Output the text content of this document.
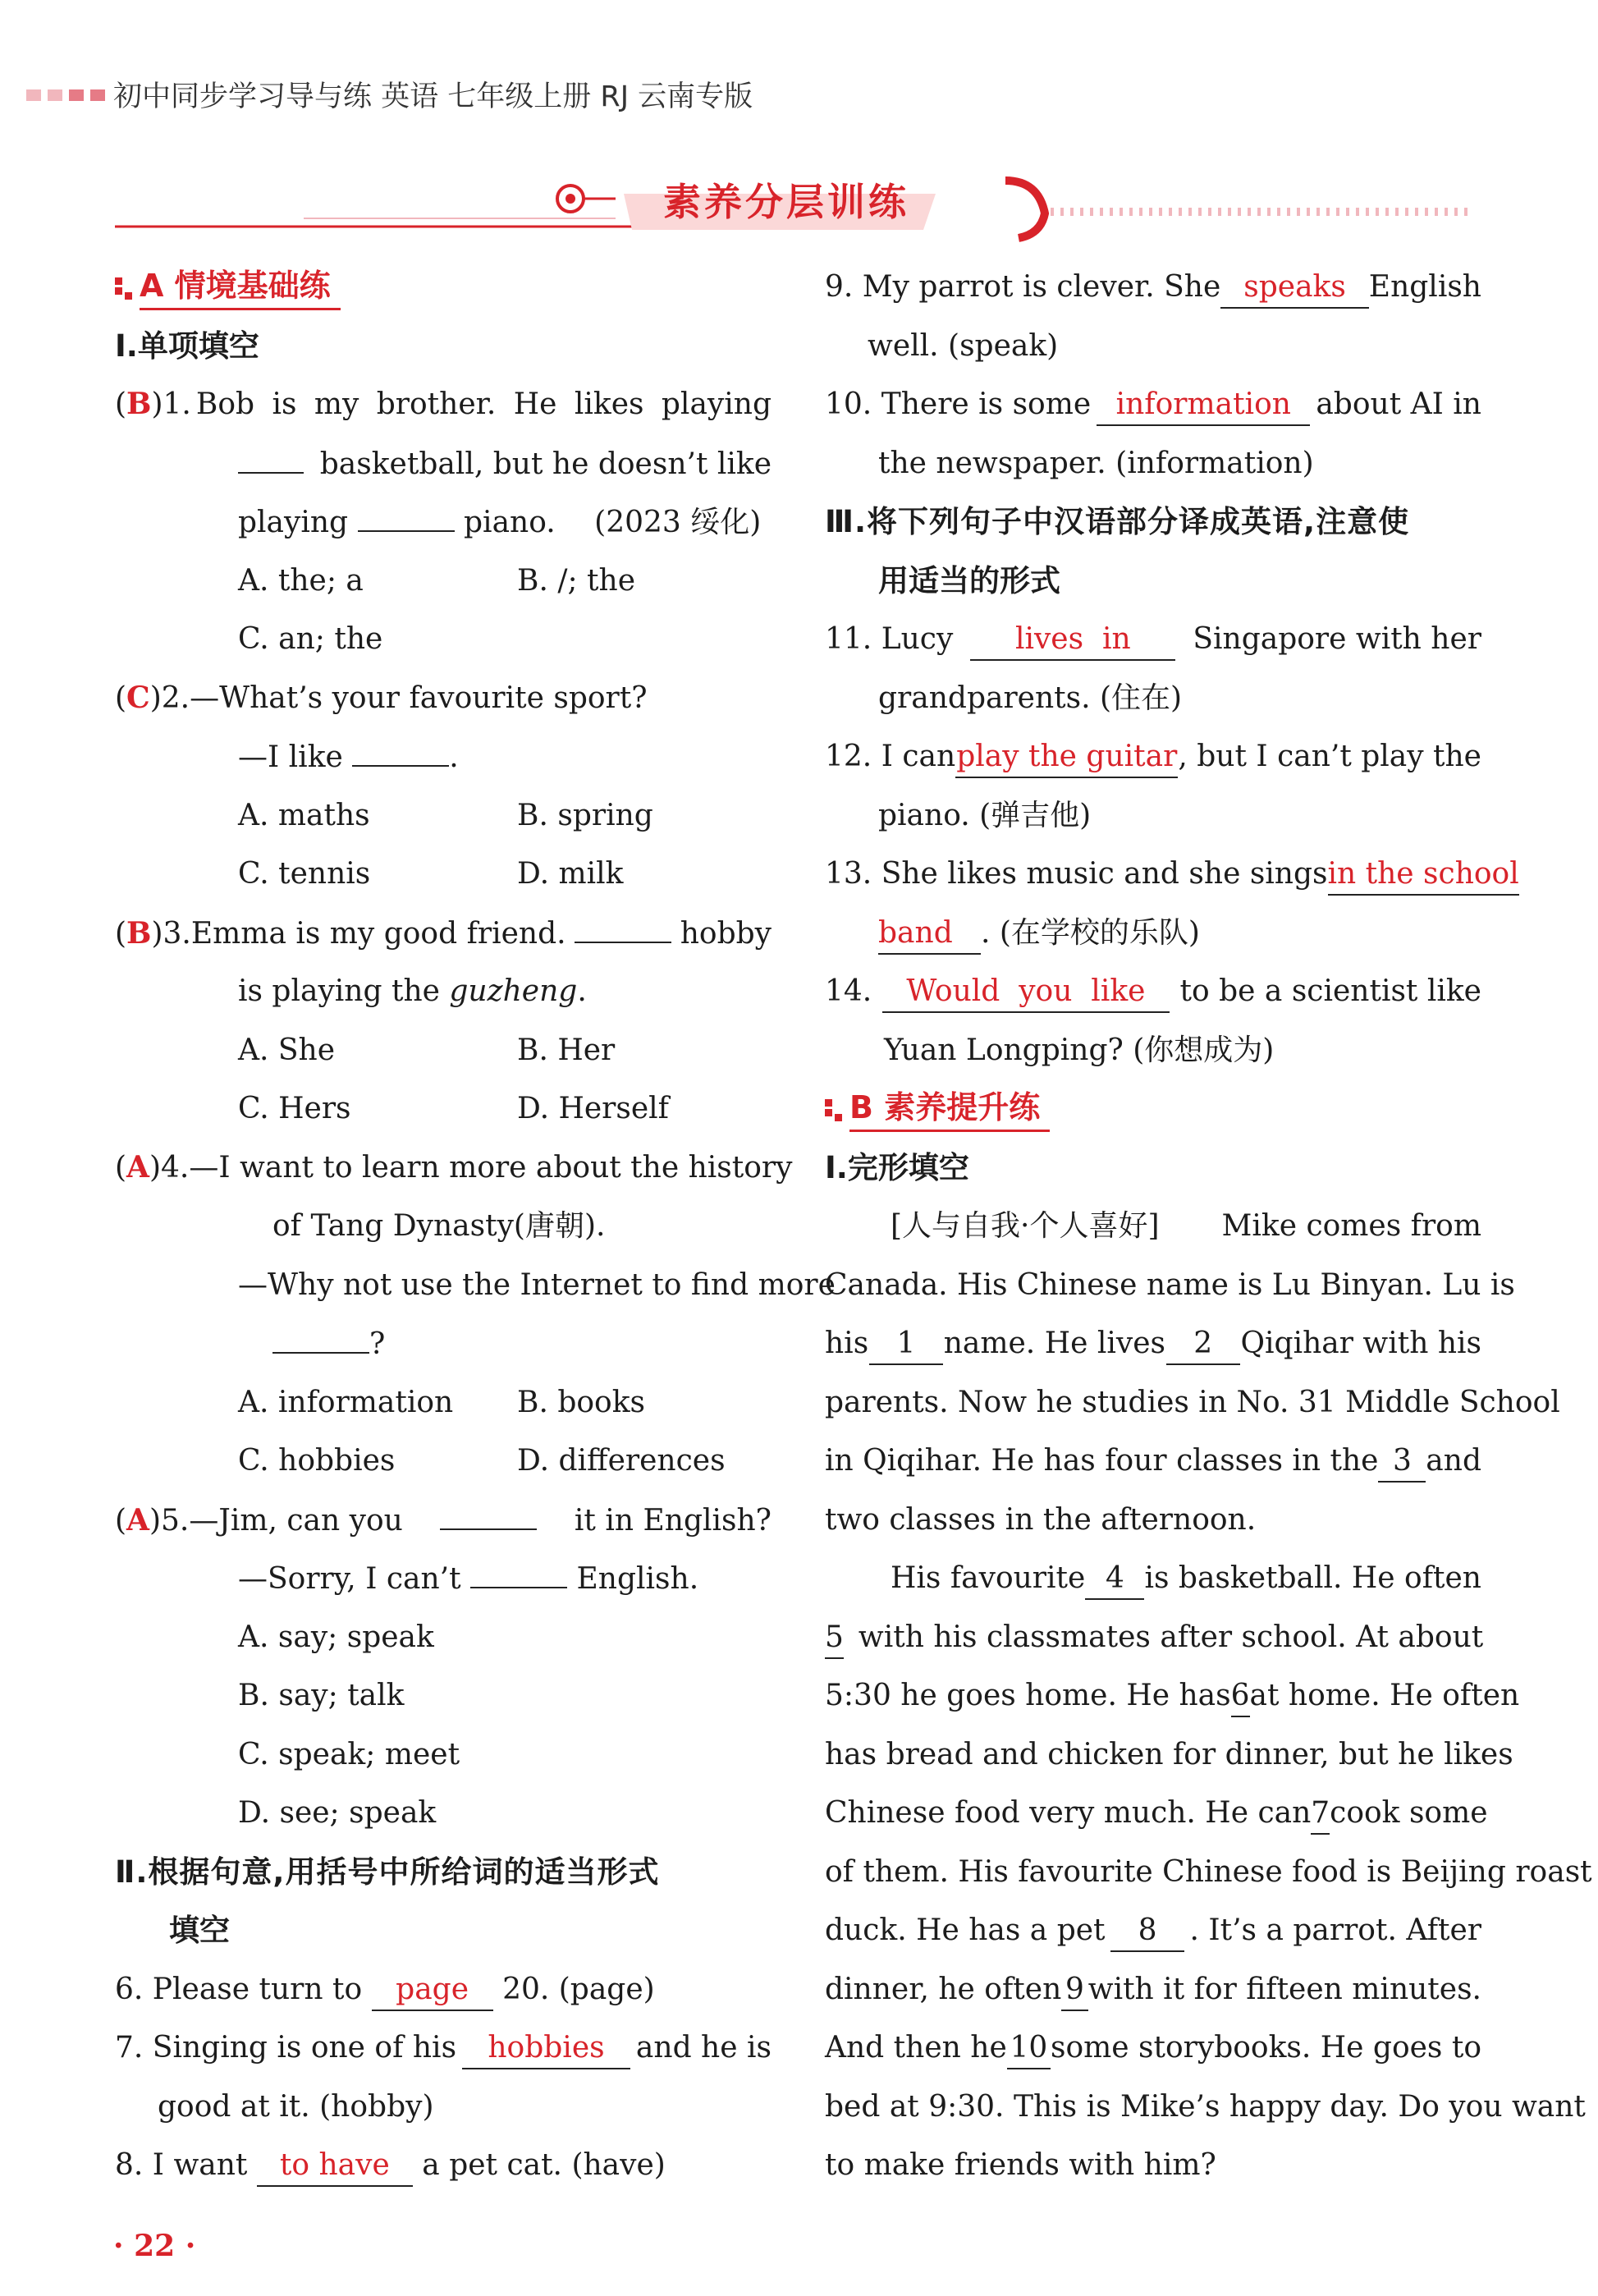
初中同步学习导与练 英语 七年级上册 RJ 云南专版
素养分层训练
A 情境基础练
Ⅰ.单项填空
(B)1. Bob is my brother. He likes playing
basketball, but he doesn’t like
playing	piano. (2023 绥化)
A. the; a	B. /; the
C. an; the
(C)2.—What’s your favourite sport?
—I like	.
A. maths	B. spring
C. tennis	D. milk
(B)3.Emma is my good friend.	hobby
is playing the guzheng.
A. She	B. Her
C. Hers	D. Herself
(A)4. —I want to learn more about the history
of Tang Dynasty(唐朝).
—Why not use the Internet to find more
?
A. information B. books
C. hobbies	D. differences
(A)5.—Jim, can you	it in English?
—Sorry, I can’t	English.
A. say; speak
B. say; talk
C. speak; meet
D. see; speak
Ⅱ.根据句意,用括号中所给词的适当形式
填空
6. Please turn to page 20. (page)
7. Singing is one of his	hobbies	and he is
good at it. (hobby)
8. I want to have a pet cat. (have)
9. My parrot is clever. She speaks English
well. (speak)
10. There is some information about AI in
the newspaper. (information)
Ⅲ.将下列句子中汉语部分译成英语,注意使
用适当的形式
11. Lucy	lives  in	Singapore with her
grandparents. (住在)
12. I can play the guitar , but I can’t play the
piano. (弹吉他)
13. She likes music and she sings in the school
band . (在学校的乐队)
14.	Would  you  like	to be a scientist like
Yuan Longping? (你想成为)
B 素养提升练
Ⅰ.完形填空
[人与自我·个人喜好] Mike comes from
Canada. His Chinese name is Lu Binyan. Lu is
his 1 name. He lives 2 Qiqihar with his
parents. Now he studies in No. 31 Middle School
in Qiqihar. He has four classes in the 3 and
two classes in the afternoon.
His favourite 4 is basketball. He often
5 with his classmates after school. At about
5:30 he goes home. He has 6 at home. He often
has bread and chicken for dinner, but he likes
Chinese food very much. He can 7 cook some
of them. His favourite Chinese food is Beijing roast
duck. He has a pet	8	. It’s a parrot. After
dinner, he often 9 with it for fifteen minutes.
And then he 10 some storybooks. He goes to
bed at 9:30. This is Mike’s happy day. Do you want
to make friends with him?
· 22 ·
